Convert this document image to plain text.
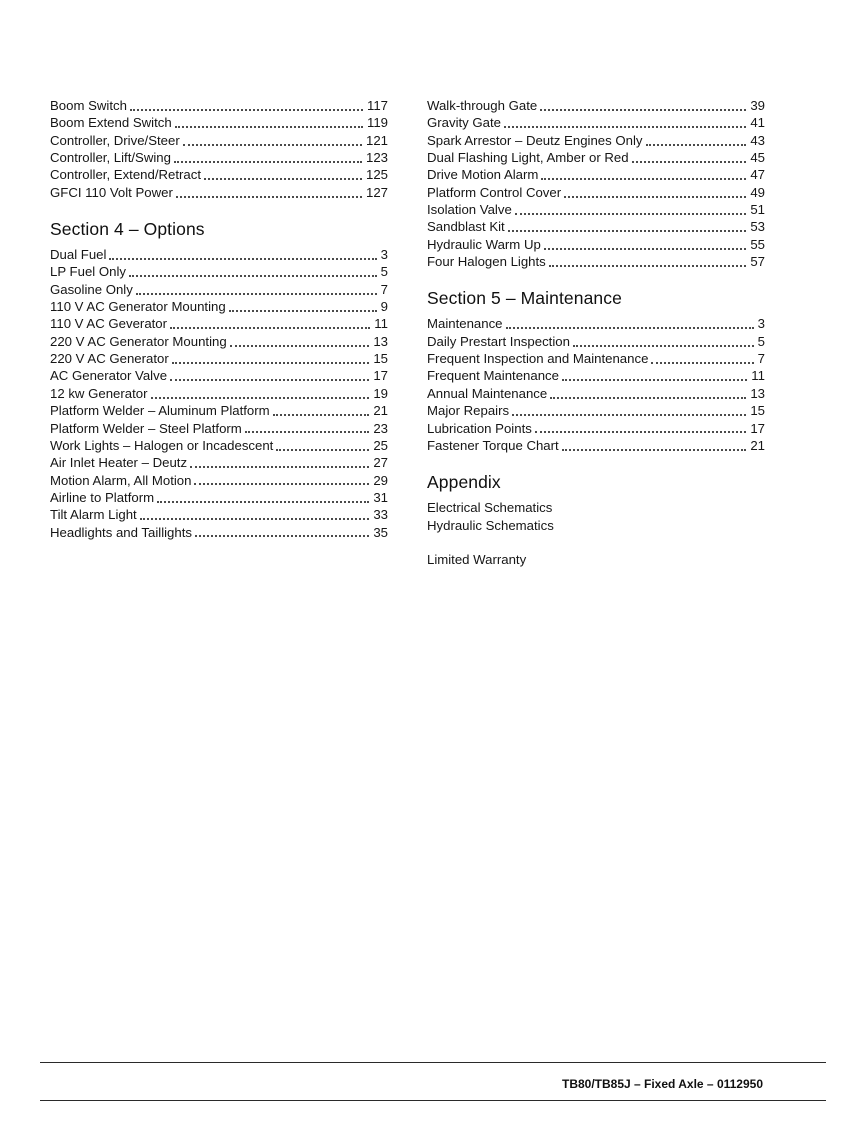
Boom Switch	117
Boom Extend Switch	119
Controller, Drive/Steer	121
Controller, Lift/Swing	123
Controller, Extend/Retract	125
GFCI 110 Volt Power	127
Section 4 – Options
Dual Fuel	3
LP Fuel Only	5
Gasoline Only	7
110 V AC Generator Mounting	9
110 V AC Geverator	11
220 V AC Generator Mounting	13
220 V AC Generator	15
AC Generator Valve	17
12 kw Generator	19
Platform Welder – Aluminum Platform	21
Platform Welder – Steel Platform	23
Work Lights – Halogen or Incadescent	25
Air Inlet Heater – Deutz	27
Motion Alarm, All Motion	29
Airline to Platform	31
Tilt Alarm Light	33
Headlights and Taillights	35
Walk-through Gate	39
Gravity Gate	41
Spark Arrestor – Deutz Engines Only	43
Dual Flashing Light, Amber or Red	45
Drive Motion Alarm	47
Platform Control Cover	49
Isolation Valve	51
Sandblast Kit	53
Hydraulic Warm Up	55
Four Halogen Lights	57
Section 5 – Maintenance
Maintenance	3
Daily Prestart Inspection	5
Frequent Inspection and Maintenance	7
Frequent Maintenance	11
Annual Maintenance	13
Major Repairs	15
Lubrication Points	17
Fastener Torque Chart	21
Appendix
Electrical Schematics
Hydraulic Schematics
Limited Warranty
TB80/TB85J – Fixed Axle – 0112950
